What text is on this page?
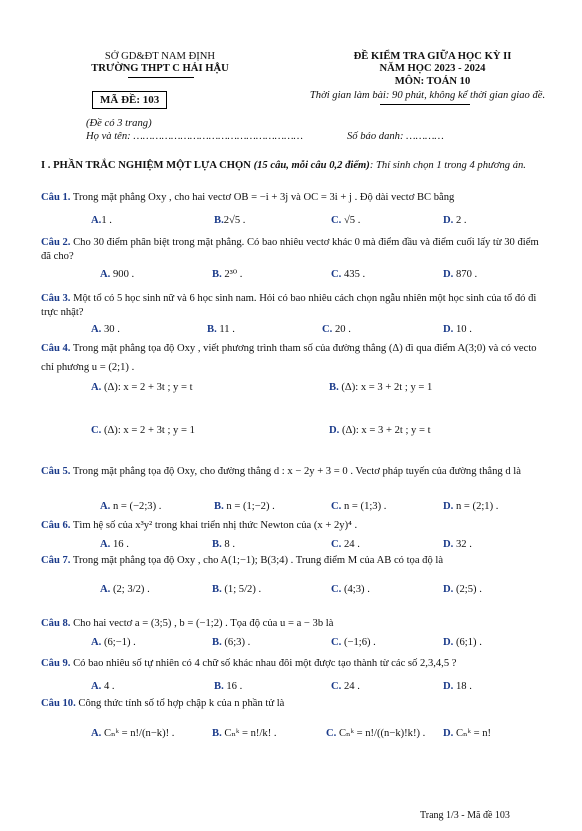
SỞ GD&ĐT NAM ĐỊNH
TRƯỜNG THPT C HẢI HẬU
MÃ ĐỀ: 103
ĐỀ KIỂM TRA GIỮA HỌC KỲ II
NĂM HỌC 2023 - 2024
MÔN: TOÁN 10
Thời gian làm bài: 90 phút, không kể thời gian giao đề.
(Đề có 3 trang)
Họ và tên: ………………………………………………	Số báo danh: …………
I . PHẦN TRẮC NGHIỆM MỘT LỰA CHỌN (15 câu, mỗi câu 0,2 điểm): Thí sinh chọn 1 trong 4 phương án.
Câu 1. Trong mặt phẳng Oxy , cho hai vectơ OB = −i + 3j và OC = 3i + j . Độ dài vectơ BC bằng
A.1 .	B.2√5 .	C. √5 .	D. 2 .
Câu 2. Cho 30 điểm phân biệt trong mặt phẳng. Có bao nhiêu vectơ khác 0 mà điểm đầu và điểm cuối lấy từ 30 điểm đã cho?
A. 900 .	B. 2³⁰ .	C. 435 .	D. 870 .
Câu 3. Một tổ có 5 học sinh nữ và 6 học sinh nam. Hỏi có bao nhiêu cách chọn ngẫu nhiên một học sinh của tổ đó đi trực nhật?
A. 30 .	B. 11 .	C. 20 .	D. 10 .
Câu 4. Trong mặt phẳng tọa độ Oxy , viết phương trình tham số của đường thẳng (Δ) đi qua điểm A(3;0) và có vecto chỉ phương u = (2;1) .
A. (Δ): x = 2 + 3t ; y = t	B. (Δ): x = 3 + 2t ; y = 1
C. (Δ): x = 2 + 3t ; y = 1	D. (Δ): x = 3 + 2t ; y = t
Câu 5. Trong mặt phẳng tọa độ Oxy, cho đường thẳng d : x − 2y + 3 = 0 . Vectơ pháp tuyến của đường thẳng d là
A. n = (−2;3) .	B. n = (1;−2) .	C. n = (1;3) .	D. n = (2;1) .
Câu 6. Tìm hệ số của x³y² trong khai triển nhị thức Newton của (x + 2y)⁴ .
A. 16 .	B. 8 .	C. 24 .	D. 32 .
Câu 7. Trong mặt phẳng tọa độ Oxy , cho A(1;−1); B(3;4) . Trung điểm M của AB có tọa độ là
A. (2; 3/2) .	B. (1; 5/2) .	C. (4;3) .	D. (2;5) .
Câu 8. Cho hai vectơ a = (3;5) , b = (−1;2) . Tọa độ của u = a − 3b là
A. (6;−1) .	B. (6;3) .	C. (−1;6) .	D. (6;1) .
Câu 9. Có bao nhiêu số tự nhiên có 4 chữ số khác nhau đôi một được tạo thành từ các số 2,3,4,5 ?
A. 4 .	B. 16 .	C. 24 .	D. 18 .
Câu 10. Công thức tính số tổ hợp chập k của n phần tử là
A. Cₙᵏ = n!/(n−k)! .	B. Cₙᵏ = n!/k! .	C. Cₙᵏ = n!/((n−k)!k!) . D. Cₙᵏ = n!
Trang 1/3 - Mã đề 103
